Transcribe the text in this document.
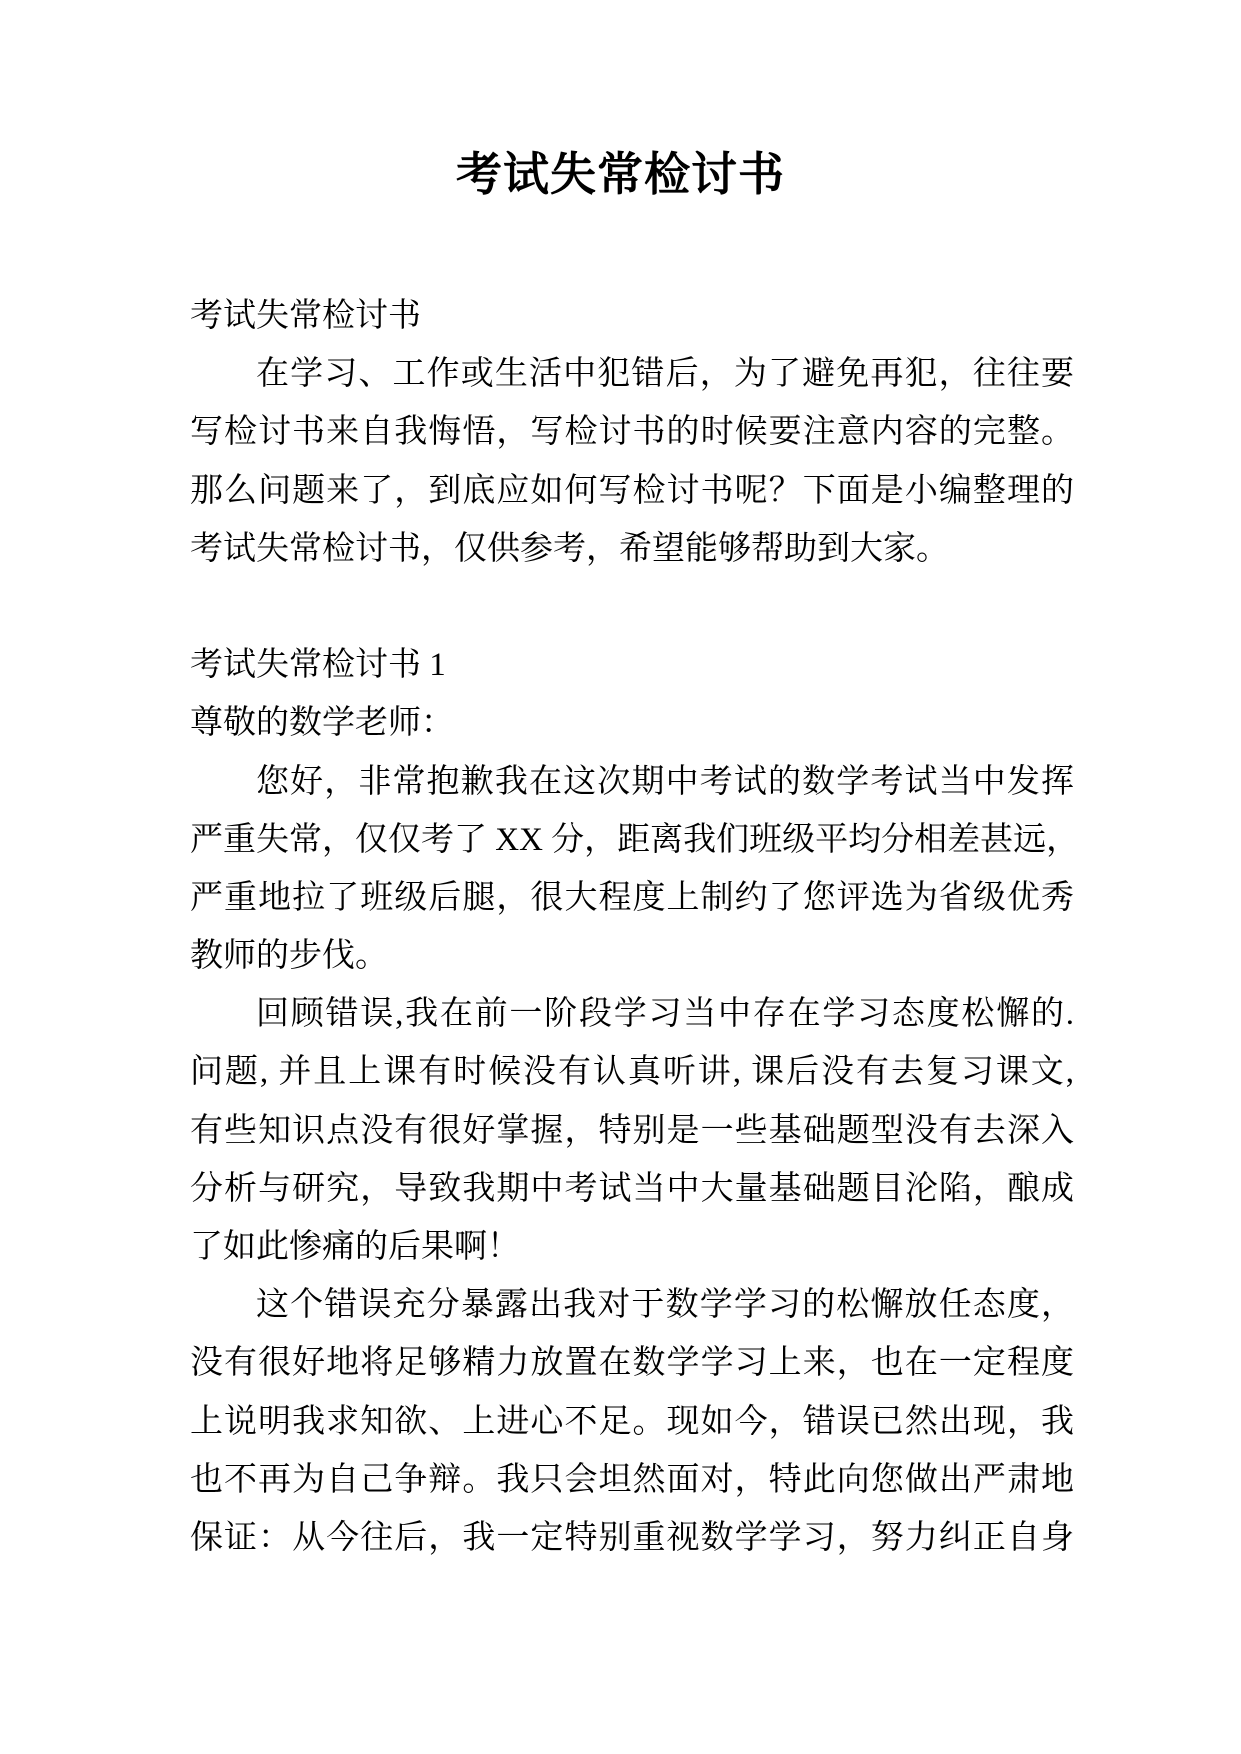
考试失常检讨书
考试失常检讨书
在学习、工作或生活中犯错后，为了避免再犯，往往要
写检讨书来自我悔悟，写检讨书的时候要注意内容的完整。
那么问题来了，到底应如何写检讨书呢？下面是小编整理的
考试失常检讨书，仅供参考，希望能够帮助到大家。
考试失常检讨书 1
尊敬的数学老师：
您好，非常抱歉我在这次期中考试的数学考试当中发挥
严重失常，仅仅考了 XX 分，距离我们班级平均分相差甚远，
严重地拉了班级后腿，很大程度上制约了您评选为省级优秀
教师的步伐。
回顾错误,我在前一阶段学习当中存在学习态度松懈的.
问题, 并且上课有时候没有认真听讲, 课后没有去复习课文,
有些知识点没有很好掌握，特别是一些基础题型没有去深入
分析与研究，导致我期中考试当中大量基础题目沦陷，酿成
了如此惨痛的后果啊！
这个错误充分暴露出我对于数学学习的松懈放任态度，
没有很好地将足够精力放置在数学学习上来，也在一定程度
上说明我求知欲、上进心不足。现如今，错误已然出现，我
也不再为自己争辩。我只会坦然面对，特此向您做出严肃地
保证：从今往后，我一定特别重视数学学习，努力纠正自身
